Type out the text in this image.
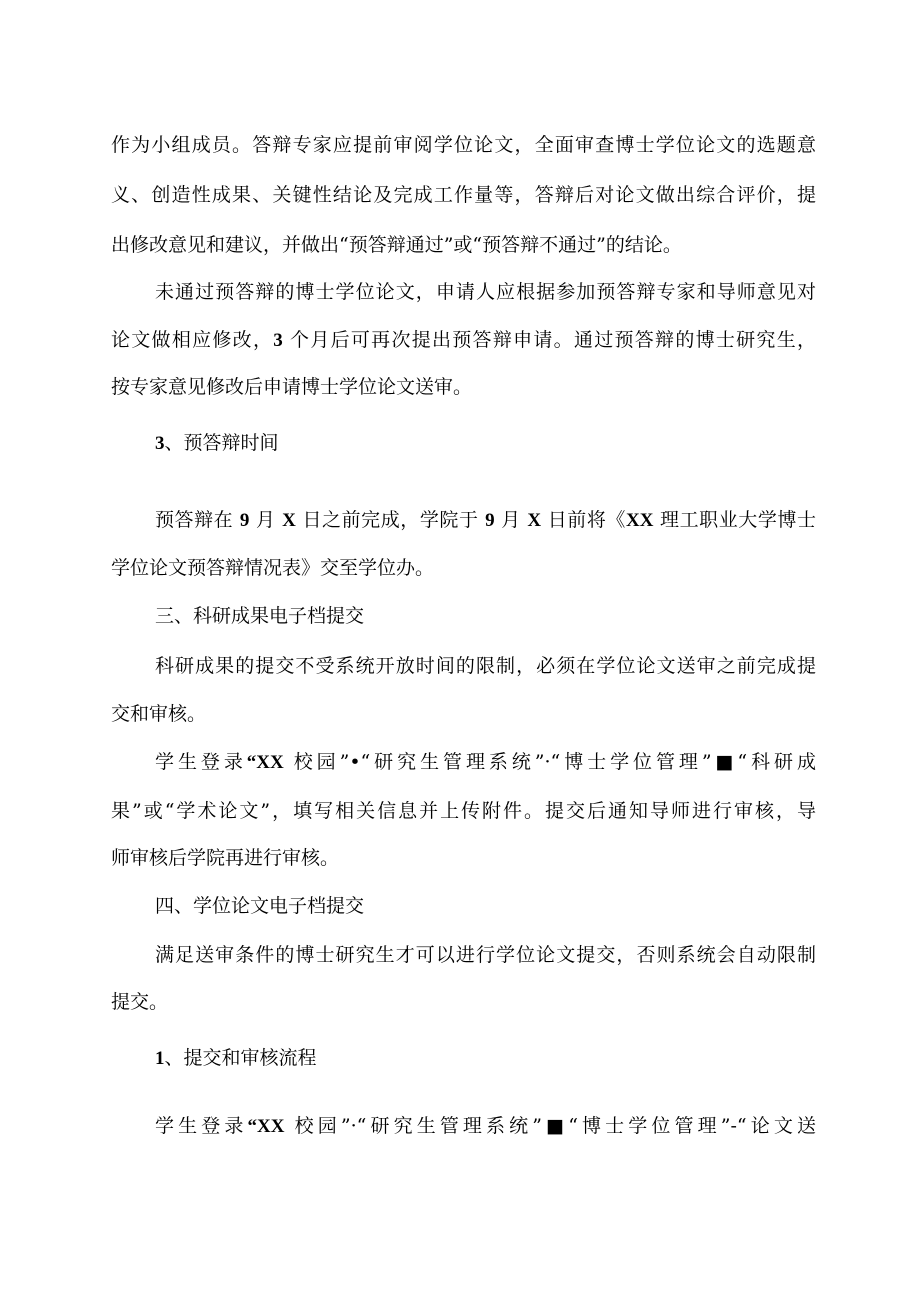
作为小组成员。答辩专家应提前审阅学位论文，全面审查博士学位论文的选题意
义、创造性成果、关键性结论及完成工作量等，答辩后对论文做出综合评价，提
出修改意见和建议，并做出“预答辩通过”或“预答辩不通过”的结论。
未通过预答辩的博士学位论文，申请人应根据参加预答辩专家和导师意见对
论文做相应修改，3 个月后可再次提出预答辩申请。通过预答辩的博士研究生，
按专家意见修改后申请博士学位论文送审。
3、预答辩时间
预答辩在 9 月 X 日之前完成，学院于 9 月 X 日前将《XX 理工职业大学博士
学位论文预答辩情况表》交至学位办。
三、科研成果电子档提交
科研成果的提交不受系统开放时间的限制，必须在学位论文送审之前完成提
交和审核。
学生登录“XX 校园”•“研究生管理系统”·“博士学位管理”■“科研成
果”或“学术论文”，填写相关信息并上传附件。提交后通知导师进行审核，导
师审核后学院再进行审核。
四、学位论文电子档提交
满足送审条件的博士研究生才可以进行学位论文提交，否则系统会自动限制
提交。
1、提交和审核流程
学生登录“XX 校园”·“研究生管理系统”■“博士学位管理”-“论文送
